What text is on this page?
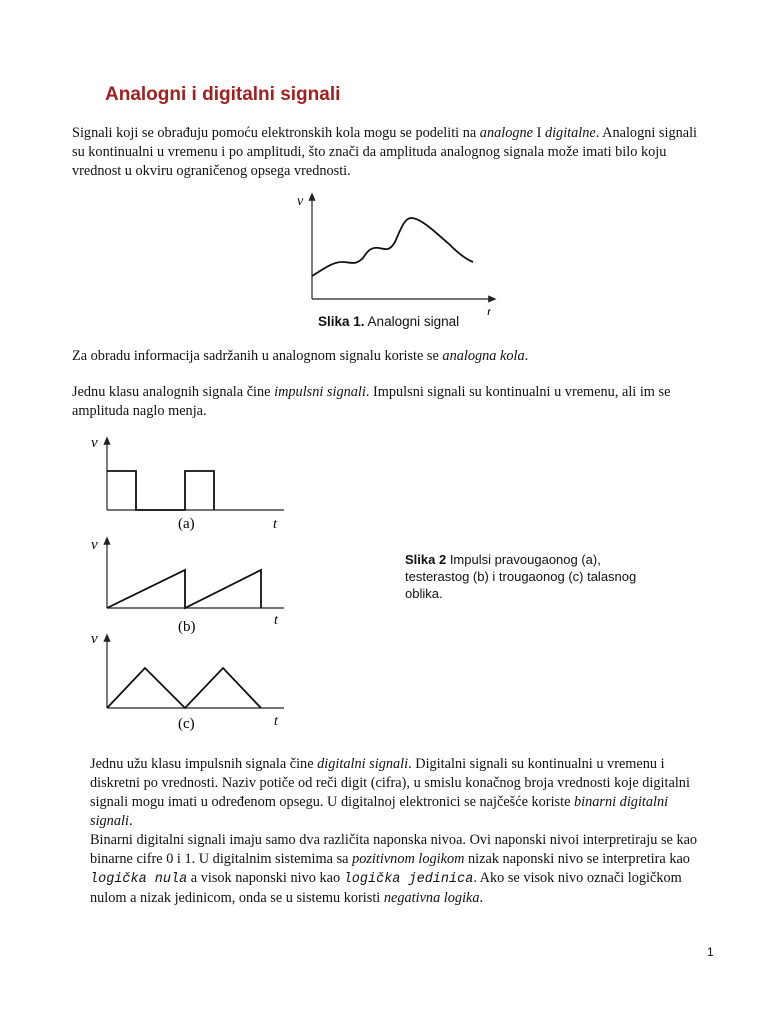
Analogni i digitalni signali
Signali koji se obrađuju pomoću elektronskih kola mogu se podeliti na analogne I digitalne. Analogni signali su kontinualni u vremenu i po amplitudi, što znači da amplituda analognog signala može imati bilo koju vrednost u okviru ograničenog opsega vrednosti.
v
t
Slika 1. Analogni signal
Za obradu informacija sadržanih u analognom signalu koriste se analogna kola.
Jednu klasu analognih signala čine impulsni signali. Impulsni signali su kontinualni u vremenu, ali im se amplituda naglo menja.
v
t
(a)
v
t
(b)
v
t
(c)
Slika 2 Impulsi pravougaonog (a), testerastog (b) i trougaonog (c) talasnog oblika.
Jednu užu klasu impulsnih signala čine digitalni signali. Digitalni signali su kontinualni u vremenu i diskretni po vrednosti. Naziv potiče od reči digit (cifra), u smislu konačnog broja vrednosti koje digitalni signali mogu imati u određenom opsegu. U digitalnoj elektronici se najčešće koriste binarni digitalni signali.
Binarni digitalni signali imaju samo dva različita naponska nivoa. Ovi naponski nivoi interpretiraju se kao binarne cifre 0 i 1. U digitalnim sistemima sa pozitivnom logikom nizak naponski nivo se interpretira kao logička nula a visok naponski nivo kao logička jedinica. Ako se visok nivo označi logičkom nulom a nizak jedinicom, onda se u sistemu koristi negativna logika.
1
